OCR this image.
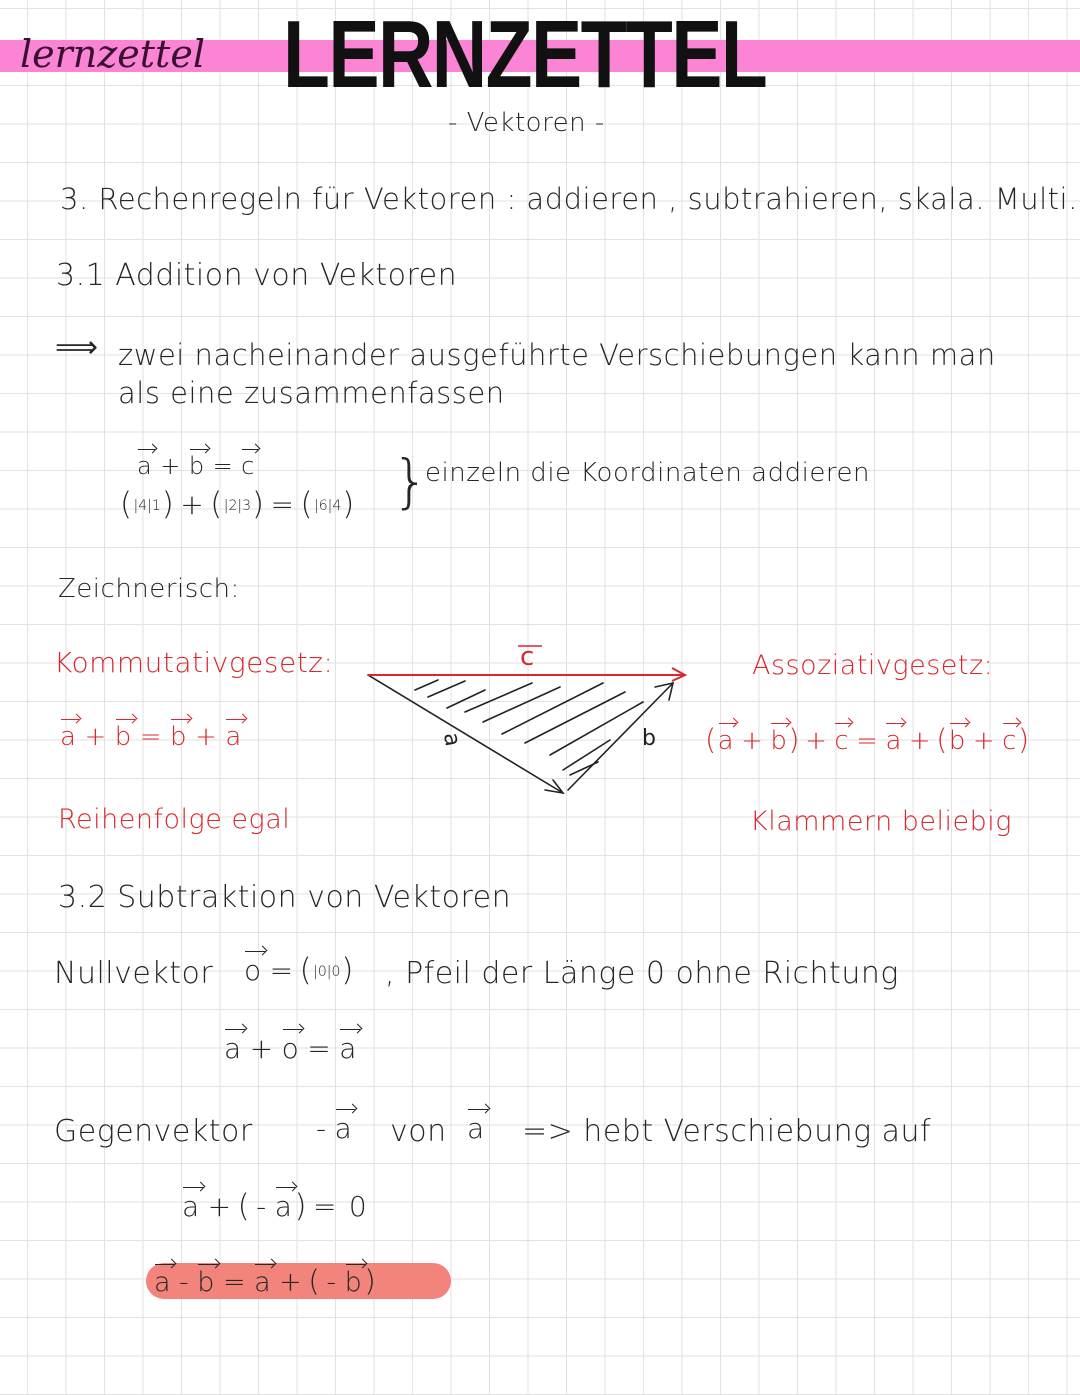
LERNZETTEL
lernzettel
- Vektoren -
3. Rechenregeln für Vektoren : addieren , subtrahieren, skala. Multi.
3.1 Addition von Vektoren
⟹ zwei nacheinander ausgeführte Verschiebungen kann man
als eine zusammenfassen
a + b = c
(|4|1) + (|2|3) = (|6|4) }
einzeln die Koordinaten addieren
Zeichnerisch:
Kommutativgesetz:
a + b = b + a
Reihenfolge egal
c
a	b
Assoziativgesetz:
(a + b) + c = a + (b + c)
Klammern beliebig
3.2 Subtraktion von Vektoren
Nullvektor o = (|0|0) , Pfeil der Länge 0 ohne Richtung
a + o = a
Gegenvektor - a von a => hebt Verschiebung auf
a + ( - a) = 0
a - b = a + ( - b)
